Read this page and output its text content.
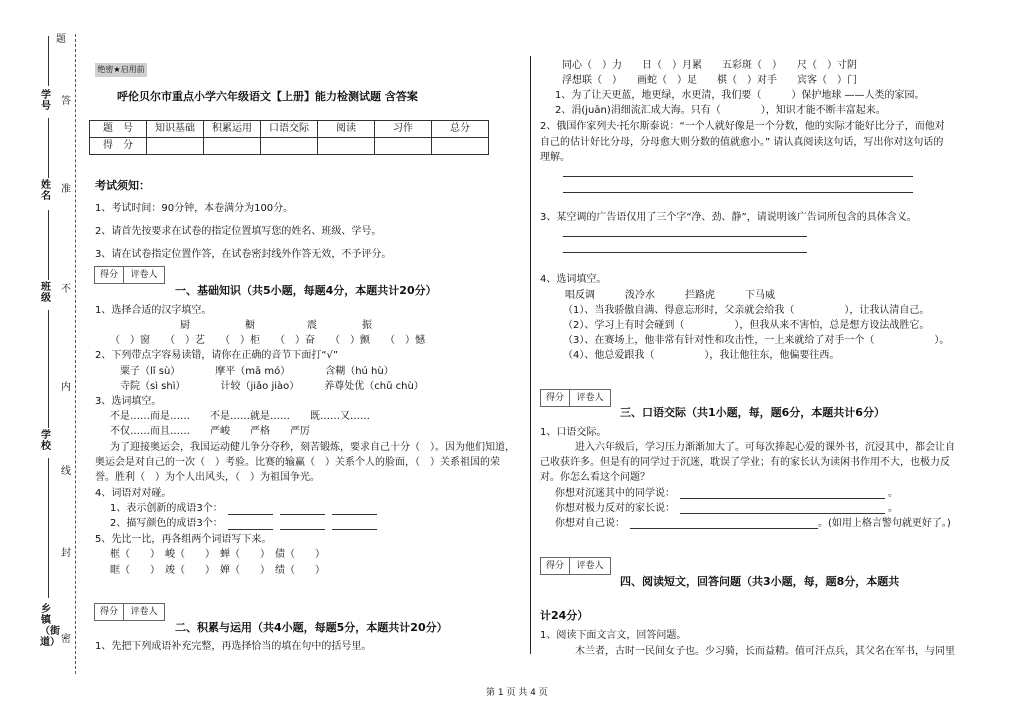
题
学号 答
姓名
准
班级
不
内
学校
线
封
乡镇（街道） 密
绝密★启用前
呼伦贝尔市重点小学六年级语文【上册】能力检测试题 含答案
题　号	知识基础	积累运用	口语交际	阅读	习作	总分
得　分						
考试须知：
1、考试时间：90分钟，本卷满分为100分。
2、请首先按要求在试卷的指定位置填写您的姓名、班级、学号。
3、请在试卷指定位置作答，在试卷密封线外作答无效，不予评分。
得分	评卷人
一、基础知识（共5小题，每题4分，本题共计20分）
1、选择合适的汉字填空。
厨	橱	震	振
（　）窗　　（　）艺　　（　）柜　　（　）奋　　（　）颤　　（　）憾
2、下列带点字容易读错，请你在正确的音节下面打“√”
粟子（lǐ sù）　　　　摩平（mā mó）　　　　含糊（hú hù）
寺院（sì shì）　　　　计较（jiǎo jiào）　　　养尊处优（chǔ chù）
3、选词填空。
不是……而是……　　不是……就是……　　既……又……
不仅……而且……　　严峻　　严格　　严厉
为了迎接奥运会，我国运动健儿争分夺秒，刻苦锻炼，要求自己十分（　）。因为他们知道，
奥运会是对自己的一次（　）考验。比赛的输赢（　）关系个人的脸面，（　）关系祖国的荣
誉。胜利（　）为个人出风头，（　）为祖国争光。
4、词语对对碰。
1、表示创新的成语3个：
2、描写颜色的成语3个：
5、先比一比，再各组两个词语写下来。
框（　　）　峻（　　）　蝉（　　）　债（　　）
眶（　　）　竣（　　）　婵（　　）　绩（　　）
得分	评卷人
二、积累与运用（共4小题，每题5分，本题共计20分）
1、先把下列成语补充完整，再选择恰当的填在句中的括号里。
同心（　）力　　日（　）月累　　五彩斑（　）　　尺（　）寸阴
浮想联（　）　　画蛇（　）足　　棋（　）对手　　宾客（　）门
1、为了让天更蓝，地更绿，水更清，我们要（　　　）保护地球 ——人类的家园。
2、涓(juān)涓细流汇成大海。只有（　　　　），知识才能不断丰富起来。
2、俄国作家列夫·托尔斯泰说：“一个人就好像是一个分数，他的实际才能好比分子，而他对
自己的估计好比分母，分母愈大则分数的值就愈小。” 请认真阅读这句话，写出你对这句话的
理解。
3、某空调的广告语仅用了三个字“净、劲、静”，请说明该广告词所包含的具体含义。
4、选词填空。
唱反调　　　泼冷水　　　拦路虎　　　下马威
（1）、当我骄傲自满、得意忘形时，父亲就会给我（　　　　　），让我认清自己。
（2）、学习上有时会碰到（　　　　　），但我从来不害怕，总是想方设法战胜它。
（3）、在赛场上，他非常有针对性和攻击性，一上来就给了对手一个（　　　　　　）。
（4）、他总爱跟我（　　　　　），我让他往东，他偏要往西。
得分	评卷人
三、口语交际（共1小题，每，题6分，本题共计6分）
1、口语交际。
进入六年级后，学习压力渐渐加大了。可每次捧起心爱的课外书，沉浸其中，都会让自
己收获许多。但是有的同学过于沉迷，耽误了学业；有的家长认为读闲书作用不大，也极力反
对。你怎么看这个问题？
你想对沉迷其中的同学说：	。
你想对极力反对的家长说：	。
你想对自己说：	。(如用上格言警句就更好了。)
得分	评卷人
四、阅读短文，回答问题（共3小题，每，题8分，本题共
计24分）
1、阅读下面文言文，回答问题。
木兰者，古时一民间女子也。少习骑，长而益精。值可汗点兵，其父名在军书，与同里
第 1 页 共 4 页
